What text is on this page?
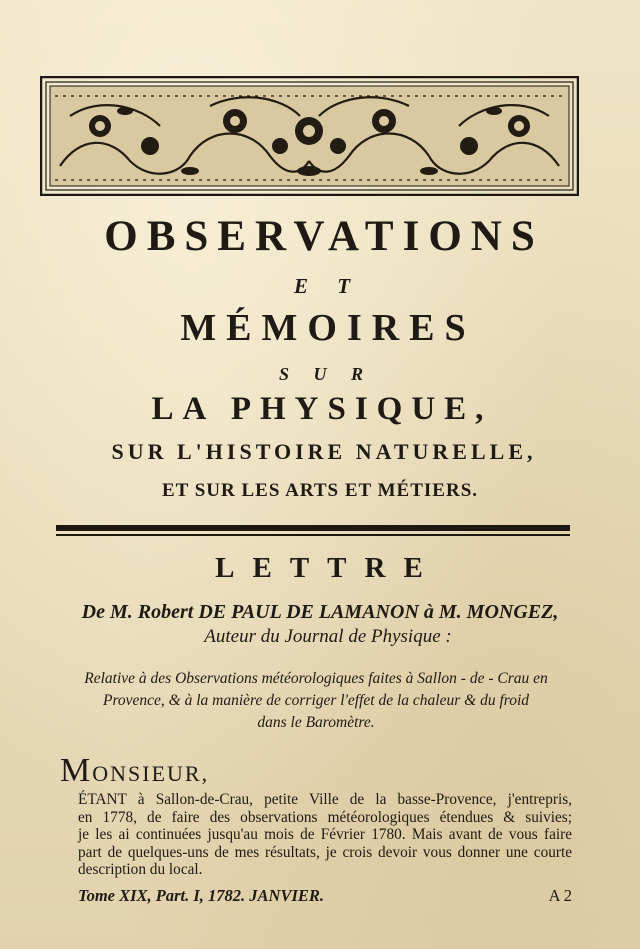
OBSERVATIONS
E T
MÉMOIRES
S U R
LA PHYSIQUE,
SUR L'HISTOIRE NATURELLE,
ET SUR LES ARTS ET MÉTIERS.
LETTRE
De M. Robert DE PAUL DE LAMANON à M. MONGEZ,
Auteur du Journal de Physique :
Relative à des Observations météorologiques faites à Sallon - de - Crau en
Provence, & à la manière de corriger l'effet de la chaleur & du froid
dans le Baromètre.
MONSIEUR,
ÉTANT à Sallon-de-Crau, petite Ville de la basse-Provence, j'entrepris,
en 1778, de faire des observations météorologiques étendues & suivies;
je les ai continuées jusqu'au mois de Février 1780. Mais avant de vous faire
part de quelques-uns de mes résultats, je crois devoir vous donner une courte
description du local.
Tome XIX, Part. I, 1782. JANVIER.	A 2
